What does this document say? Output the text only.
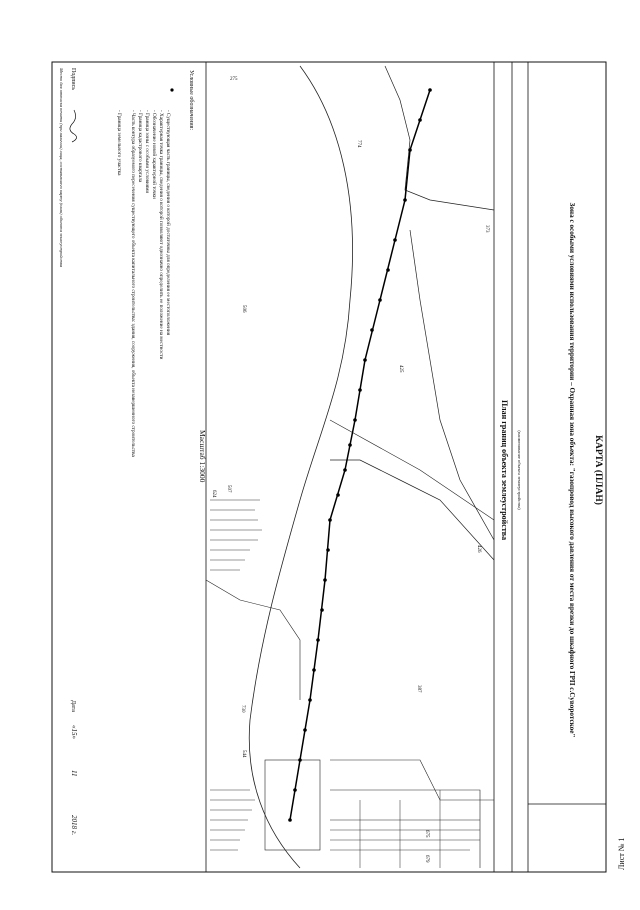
Лист № 1
КАРТА (ПЛАН)
Зона с особыми условиями использования территории – Охранная зона объекта: "газопровод высокого давления от места врезки до шкафного ГРП с.Суворотское"
(наименование объекта землеустройства)
План границ объекта землеустройства
275
373
425
426
506
507
387
624
774
730
544
675
679
Масштаб 1:3000
Условные обозначения:
- Существующая часть границы, сведения о которой достаточны для определения ее местоположения
- Характерная точка границы, сведения о которой позволяют однозначно определить ее положение на местности
- Обозначение новой характерной точки
- Граница зоны с особыми условиями
- Граница кадастрового квартала
- Часть контура образуемого пересечения существующего объекта капитального строительства: здания, сооружения, объекта незавершенного строительства
- Граница земельного участка
Подпись
Дата
«15»
11
2018 г.
Место для оттиска печати (при наличии) лица, составившего карту (план) объекта землеустройства
